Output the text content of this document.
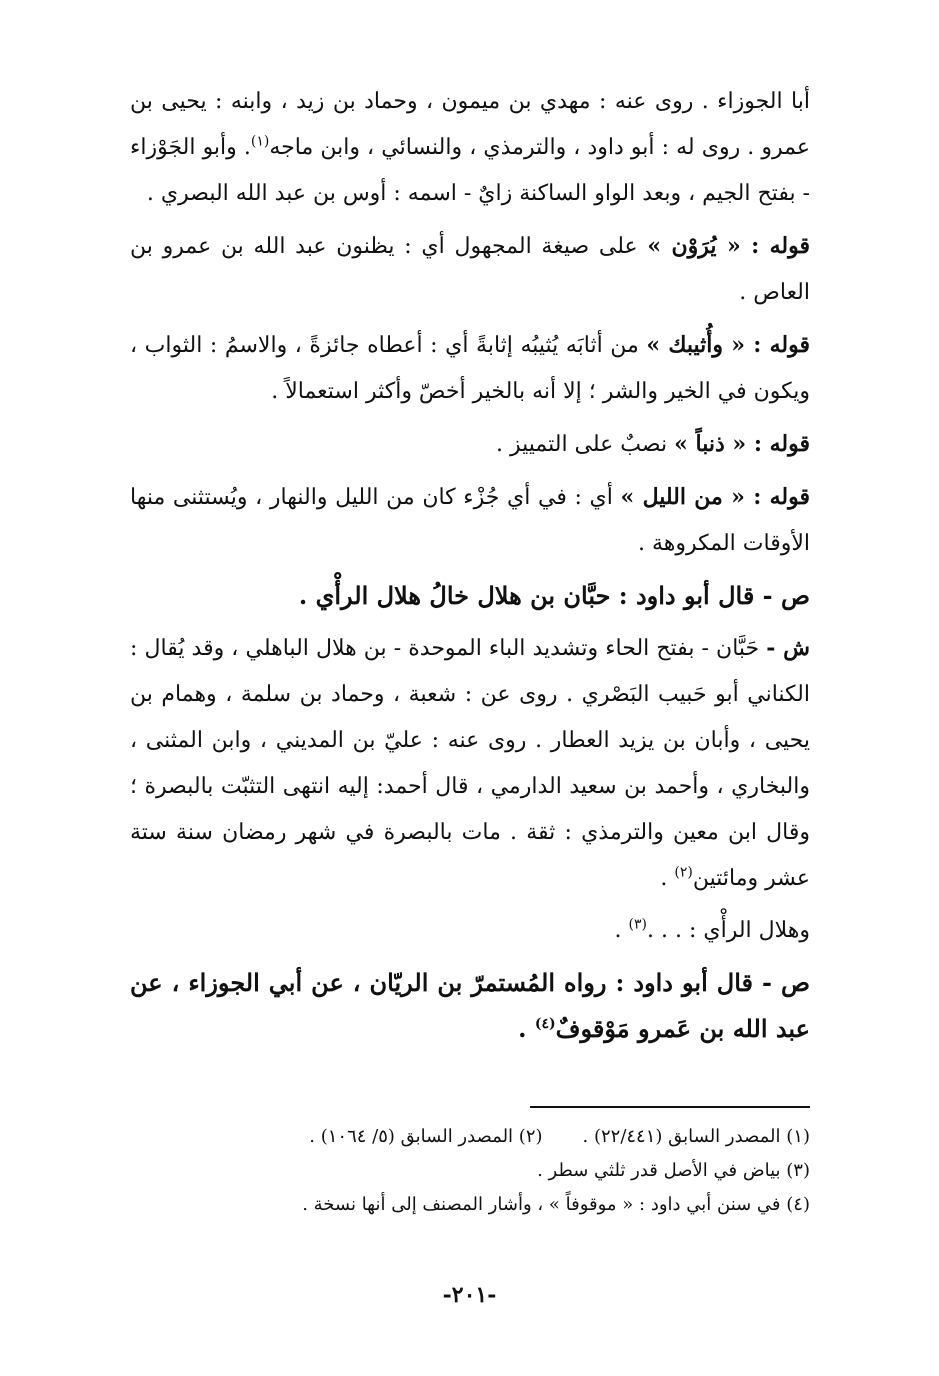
أبا الجوزاء . روى عنه : مهدي بن ميمون ، وحماد بن زيد ، وابنه : يحيى بن عمرو . روى له : أبو داود ، والترمذي ، والنسائي ، وابن ماجه$^{(١)}$. وأبو الجَوْزاء - بفتح الجيم ، وبعد الواو الساكنة زايٌ - اسمه : أوس بن عبد الله البصري .

قوله : « يُرَوْن » على صيغة المجهول أي : يظنون عبد الله بن عمرو بن العاص .

قوله : « وأُثيبك » من أثابَه يُثيبُه إثابةً أي : أعطاه جائزةً ، والاسمُ : الثواب ، ويكون في الخير والشر ؛ إلا أنه بالخير أخصّ وأكثر استعمالاً .

قوله : « ذنباً » نصبٌ على التمييز .

قوله : « من الليل » أي : في أي جُزْء كان من الليل والنهار ، ويُستثنى منها الأوقات المكروهة .

ص - قال أبو داود : حبَّان بن هلال خالُ هلال الرأْي .

ش - حَبَّان - بفتح الحاء وتشديد الباء الموحدة - بن هلال الباهلي ، وقد يُقال : الكناني أبو حَبيب البَصْري . روى عن : شعبة ، وحماد بن سلمة ، وهمام بن يحيى ، وأبان بن يزيد العطار . روى عنه : عليّ بن المديني ، وابن المثنى ، والبخاري ، وأحمد بن سعيد الدارمي ، قال أحمد: إليه انتهى التثبّت بالبصرة ؛ وقال ابن معين والترمذي : ثقة . مات بالبصرة في شهر رمضان سنة ستة عشر ومائتين$^{(٢)}$ .

وهلال الرأْي : . . .$^{(٣)}$ .

ص - قال أبو داود : رواه المُستمرّ بن الريّان ، عن أبي الجوزاء ، عن عبد الله بن عَمرو مَوْقوفٌ$^{(٤)}$ .

(١) المصدر السابق (٢٢/٤٤١) .
(٢) المصدر السابق (٥/ ١٠٦٤) .
(٣) بياض في الأصل قدر ثلثي سطر .
(٤) في سنن أبي داود : « موقوفاً » ، وأشار المصنف إلى أنها نسخة .
-٢٠١-
